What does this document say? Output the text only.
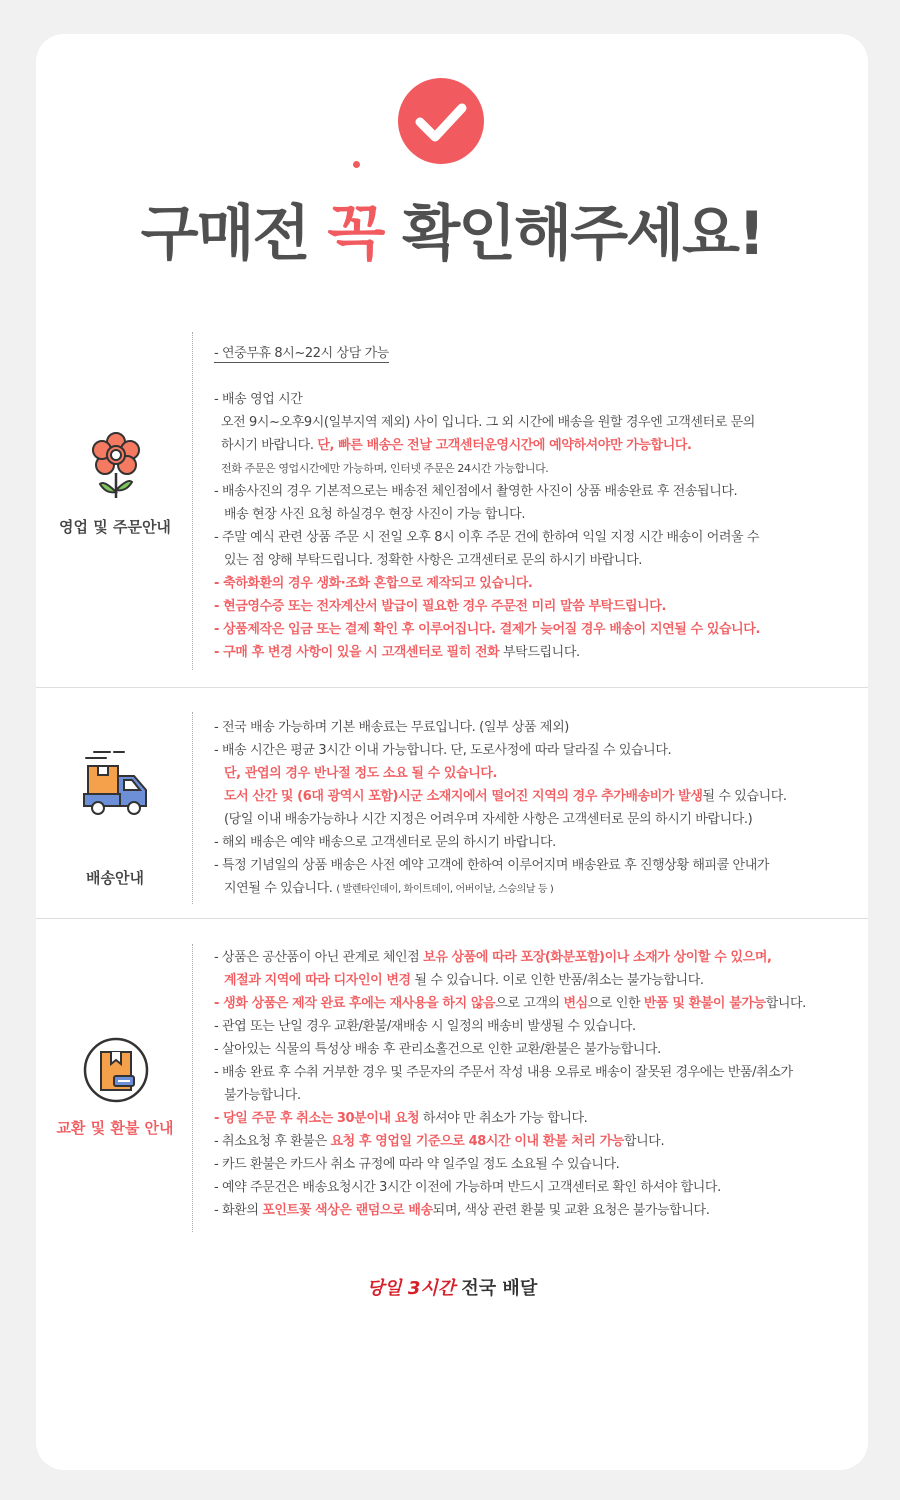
구매전 꼭 확인해주세요!
영업 및 주문안내
- 연중무휴 8시~22시 상담 가능
- 배송 영업 시간
오전 9시~오후9시(일부지역 제외) 사이 입니다. 그 외 시간에 배송을 원할 경우엔 고객센터로 문의
하시기 바랍니다. 단, 빠른 배송은 전날 고객센터운영시간에 예약하셔야만 가능합니다.
전화 주문은 영업시간에만 가능하며, 인터넷 주문은 24시간 가능합니다.
- 배송사진의 경우 기본적으로는 배송전 체인점에서 촬영한 사진이 상품 배송완료 후 전송됩니다.
배송 현장 사진 요청 하실경우 현장 사진이 가능 합니다.
- 주말 예식 관련 상품 주문 시 전일 오후 8시 이후 주문 건에 한하여 익일 지정 시간 배송이 어려울 수
있는 점 양해 부탁드립니다. 정확한 사항은 고객센터로 문의 하시기 바랍니다.
- 축하화환의 경우 생화·조화 혼합으로 제작되고 있습니다.
- 현금영수증 또는 전자계산서 발급이 필요한 경우 주문전 미리 말씀 부탁드립니다.
- 상품제작은 입금 또는 결제 확인 후 이루어집니다. 결제가 늦어질 경우 배송이 지연될 수 있습니다.
- 구매 후 변경 사항이 있을 시 고객센터로 필히 전화 부탁드립니다.
배송안내
- 전국 배송 가능하며 기본 배송료는 무료입니다. (일부 상품 제외)
- 배송 시간은 평균 3시간 이내 가능합니다. 단, 도로사정에 따라 달라질 수 있습니다.
단, 관엽의 경우 반나절 정도 소요 될 수 있습니다.
도서 산간 및 (6대 광역시 포함)시군 소재지에서 떨어진 지역의 경우 추가배송비가 발생될 수 있습니다.
(당일 이내 배송가능하나 시간 지정은 어려우며 자세한 사항은 고객센터로 문의 하시기 바랍니다.)
- 해외 배송은 예약 배송으로 고객센터로 문의 하시기 바랍니다.
- 특정 기념일의 상품 배송은 사전 예약 고객에 한하여 이루어지며 배송완료 후 진행상황 해피콜 안내가
지연될 수 있습니다. ( 발렌타인데이, 화이트데이, 어버이날, 스승의날 등 )
교환 및 환불 안내
- 상품은 공산품이 아닌 관계로 체인점 보유 상품에 따라 포장(화분포함)이나 소재가 상이할 수 있으며,
계절과 지역에 따라 디자인이 변경 될 수 있습니다. 이로 인한 반품/취소는 불가능합니다.
- 생화 상품은 제작 완료 후에는 재사용을 하지 않음으로 고객의 변심으로 인한 반품 및 환불이 불가능합니다.
- 관엽 또는 난일 경우 교환/환불/재배송 시 일정의 배송비 발생될 수 있습니다.
- 살아있는 식물의 특성상 배송 후 관리소홀건으로 인한 교환/환불은 불가능합니다.
- 배송 완료 후 수취 거부한 경우 및 주문자의 주문서 작성 내용 오류로 배송이 잘못된 경우에는 반품/취소가
불가능합니다.
- 당일 주문 후 취소는 30분이내 요청 하셔야 만 취소가 가능 합니다.
- 취소요청 후 환불은 요청 후 영업일 기준으로 48시간 이내 환불 처리 가능합니다.
- 카드 환불은 카드사 취소 규정에 따라 약 일주일 정도 소요될 수 있습니다.
- 예약 주문건은 배송요청시간 3시간 이전에 가능하며 반드시 고객센터로 확인 하셔야 합니다.
- 화환의 포인트꽃 색상은 랜덤으로 배송되며, 색상 관련 환불 및 교환 요청은 불가능합니다.
당일 3시간 전국 배달
